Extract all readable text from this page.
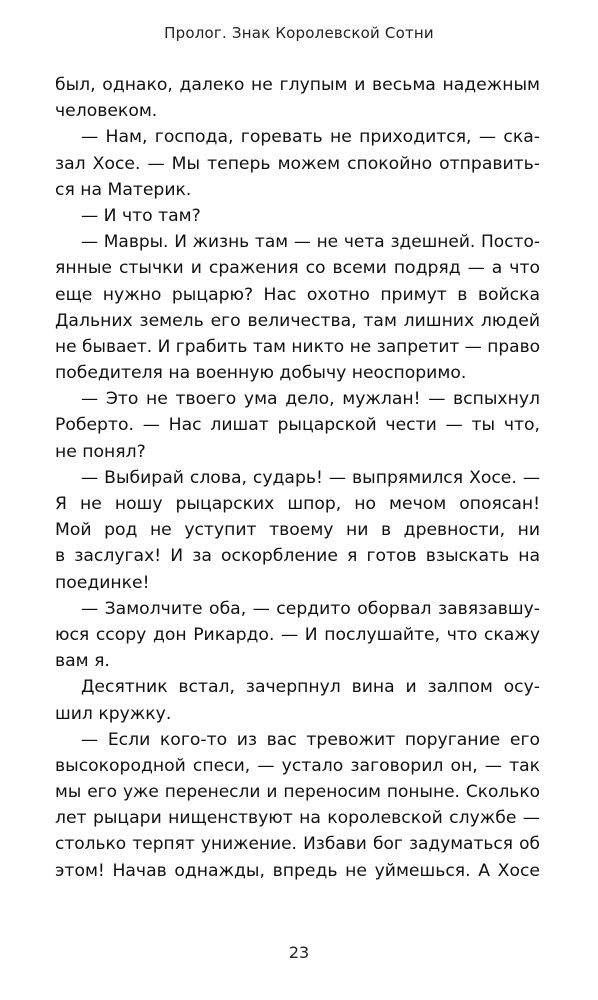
Пролог. Знак Королевской Сотни
был, однако, далеко не глупым и весьма надежным
человеком.
— Нам, господа, горевать не приходится, — ска-
зал Хосе. — Мы теперь можем спокойно отправить-
ся на Материк.
— И что там?
— Мавры. И жизнь там — не чета здешней. Посто-
янные стычки и сражения со всеми подряд — а что
еще нужно рыцарю? Нас охотно примут в войска
Дальних земель его величества, там лишних людей
не бывает. И грабить там никто не запретит — право
победителя на военную добычу неоспоримо.
— Это не твоего ума дело, мужлан! — вспыхнул
Роберто. — Нас лишат рыцарской чести — ты что,
не понял?
— Выбирай слова, сударь! — выпрямился Хосе. —
Я не ношу рыцарских шпор, но мечом опоясан!
Мой род не уступит твоему ни в древности, ни
в заслугах! И за оскорбление я готов взыскать на
поединке!
— Замолчите оба, — сердито оборвал завязавшу-
юся ссору дон Рикардо. — И послушайте, что скажу
вам я.
Десятник встал, зачерпнул вина и залпом осу-
шил кружку.
— Если кого-то из вас тревожит поругание его
высокородной спеси, — устало заговорил он, — так
мы его уже перенесли и переносим поныне. Сколько
лет рыцари нищенствуют на королевской службе —
столько терпят унижение. Избави бог задуматься об
этом! Начав однажды, впредь не уймешься. А Хосе
23
